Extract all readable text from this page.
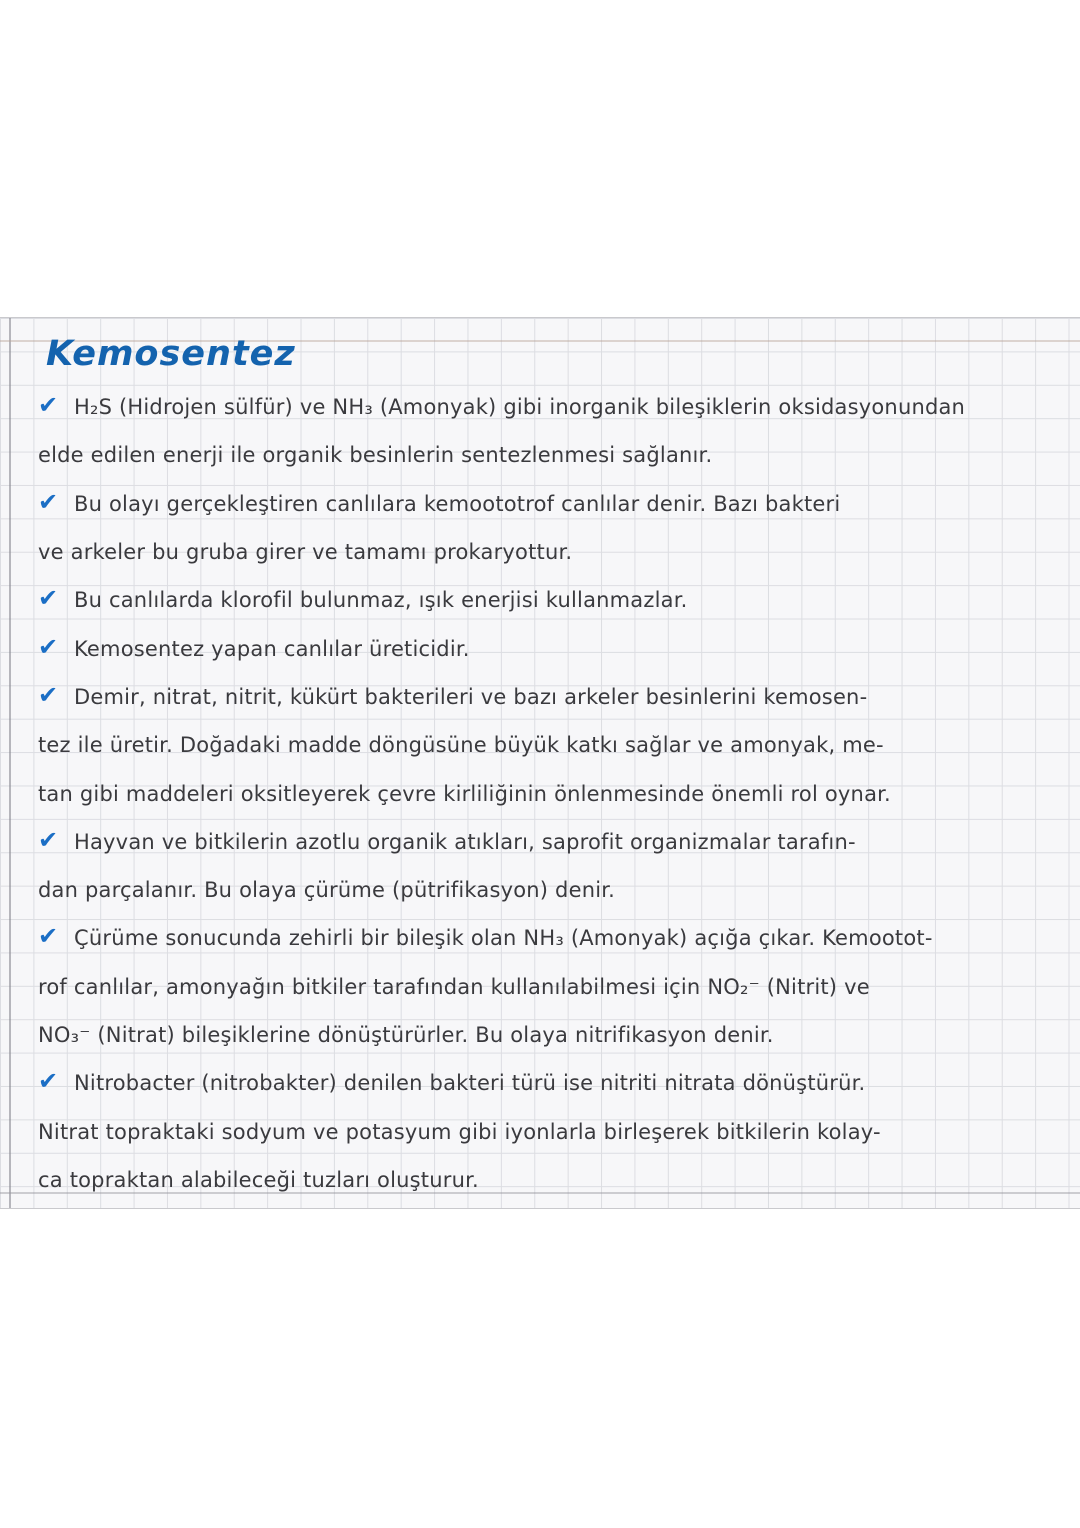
Kemosentez
✔ H₂S (Hidrojen sülfür) ve NH₃ (Amonyak) gibi inorganik bileşiklerin oksidasyonundan
elde edilen enerji ile organik besinlerin sentezlenmesi sağlanır.
✔ Bu olayı gerçekleştiren canlılara kemoototrof canlılar denir. Bazı bakteri
ve arkeler bu gruba girer ve tamamı prokaryottur.
✔ Bu canlılarda klorofil bulunmaz, ışık enerjisi kullanmazlar.
✔ Kemosentez yapan canlılar üreticidir.
✔ Demir, nitrat, nitrit, kükürt bakterileri ve bazı arkeler besinlerini kemosen-
tez ile üretir. Doğadaki madde döngüsüne büyük katkı sağlar ve amonyak, me-
tan gibi maddeleri oksitleyerek çevre kirliliğinin önlenmesinde önemli rol oynar.
✔ Hayvan ve bitkilerin azotlu organik atıkları, saprofit organizmalar tarafın-
dan parçalanır. Bu olaya çürüme (pütrifikasyon) denir.
✔ Çürüme sonucunda zehirli bir bileşik olan NH₃ (Amonyak) açığa çıkar. Kemootot-
rof canlılar, amonyağın bitkiler tarafından kullanılabilmesi için NO₂⁻ (Nitrit) ve
NO₃⁻ (Nitrat) bileşiklerine dönüştürürler. Bu olaya nitrifikasyon denir.
✔ Nitrobacter (nitrobakter) denilen bakteri türü ise nitriti nitrata dönüştürür.
Nitrat topraktaki sodyum ve potasyum gibi iyonlarla birleşerek bitkilerin kolay-
ca topraktan alabileceği tuzları oluşturur.
